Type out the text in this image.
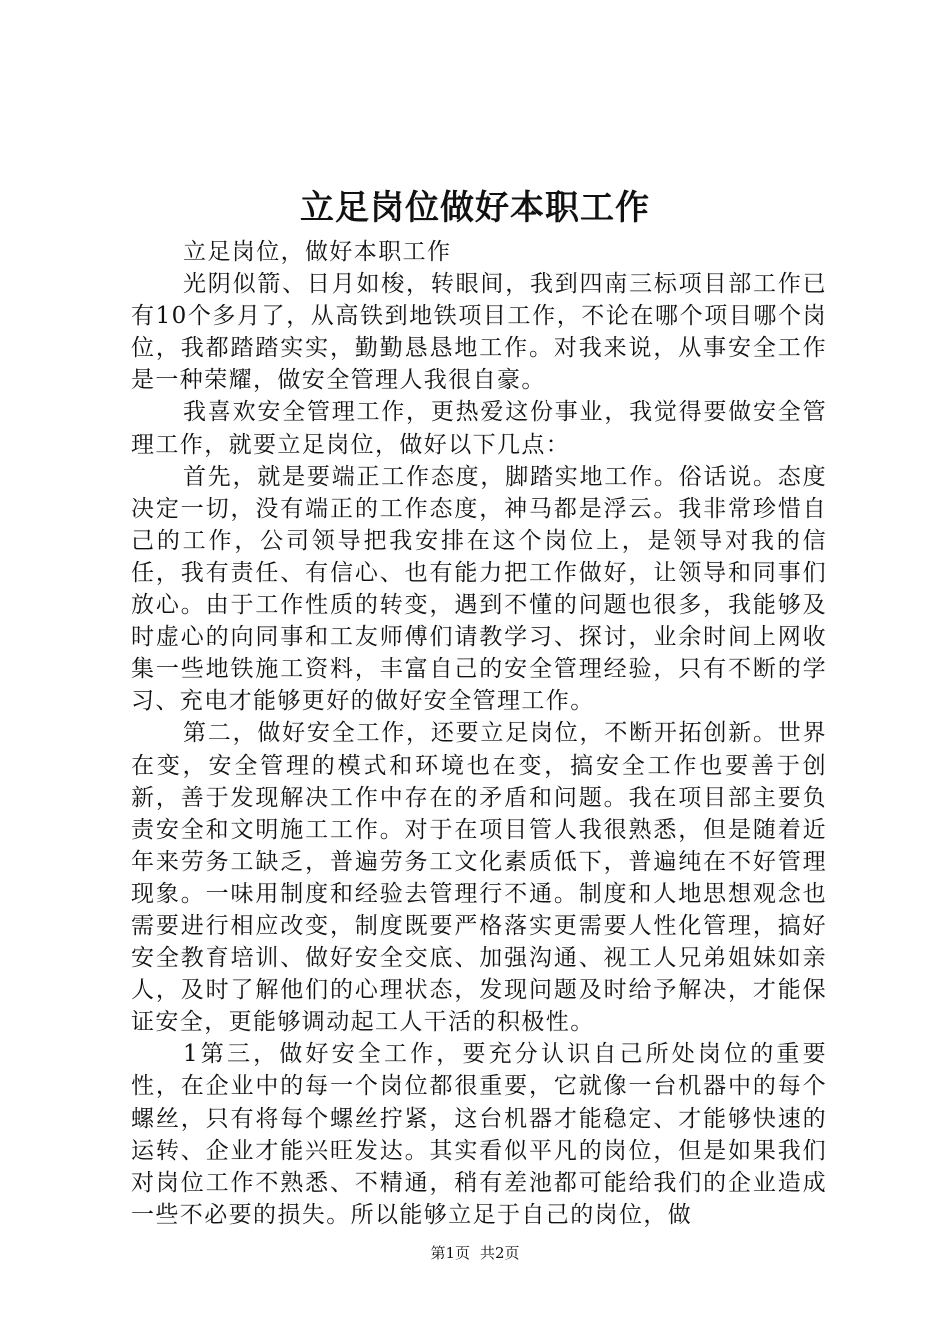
立足岗位做好本职工作

立足岗位，做好本职工作

光阴似箭、日月如梭，转眼间，我到四南三标项目部工作已有10个多月了，从高铁到地铁项目工作，不论在哪个项目哪个岗位，我都踏踏实实，勤勤恳恳地工作。对我来说，从事安全工作是一种荣耀，做安全管理人我很自豪。

我喜欢安全管理工作，更热爱这份事业，我觉得要做安全管理工作，就要立足岗位，做好以下几点：

首先，就是要端正工作态度，脚踏实地工作。俗话说。态度决定一切，没有端正的工作态度，神马都是浮云。我非常珍惜自己的工作，公司领导把我安排在这个岗位上，是领导对我的信任，我有责任、有信心、也有能力把工作做好，让领导和同事们放心。由于工作性质的转变，遇到不懂的问题也很多，我能够及时虚心的向同事和工友师傅们请教学习、探讨，业余时间上网收集一些地铁施工资料，丰富自己的安全管理经验，只有不断的学习、充电才能够更好的做好安全管理工作。

第二，做好安全工作，还要立足岗位，不断开拓创新。世界在变，安全管理的模式和环境也在变，搞安全工作也要善于创新，善于发现解决工作中存在的矛盾和问题。我在项目部主要负责安全和文明施工工作。对于在项目管人我很熟悉，但是随着近年来劳务工缺乏，普遍劳务工文化素质低下，普遍纯在不好管理现象。一味用制度和经验去管理行不通。制度和人地思想观念也需要进行相应改变，制度既要严格落实更需要人性化管理，搞好安全教育培训、做好安全交底、加强沟通、视工人兄弟姐妹如亲人，及时了解他们的心理状态，发现问题及时给予解决，才能保证安全，更能够调动起工人干活的积极性。

1第三，做好安全工作，要充分认识自己所处岗位的重要性，在企业中的每一个岗位都很重要，它就像一台机器中的每个螺丝，只有将每个螺丝拧紧，这台机器才能稳定、才能够快速的运转、企业才能兴旺发达。其实看似平凡的岗位，但是如果我们对岗位工作不熟悉、不精通，稍有差池都可能给我们的企业造成一些不必要的损失。所以能够立足于自己的岗位，做

第1页 共2页
